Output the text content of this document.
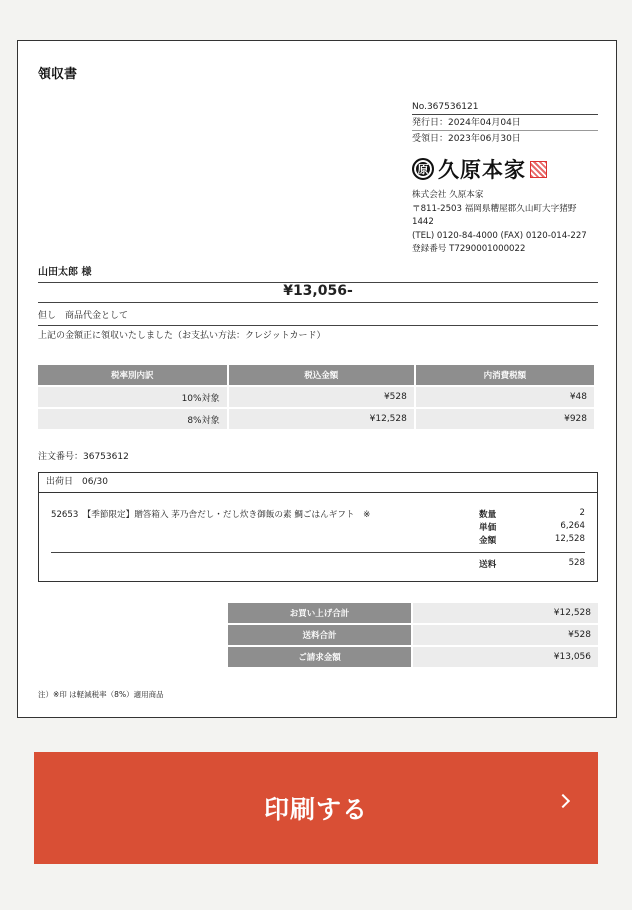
領収書
No.367536121
発行日：2024年04月04日
受領日：2023年06月30日
原 久原本家
株式会社 久原本家
〒811-2503 福岡県糟屋郡久山町大字猪野1442
(TEL) 0120-84-4000 (FAX) 0120-014-227
登録番号 T7290001000022
山田太郎 様
¥13,056-
但し　商品代金として
上記の金額正に領収いたしました（お支払い方法：クレジットカード）
税率別内訳	税込金額	内消費税額
10%対象	¥528	¥48
8%対象	¥12,528	¥928
注文番号：36753612
出荷日　06/30
52653　【季節限定】贈答箱入 茅乃舎だし・だし炊き御飯の素 鯛ごはんギフト　※	数量	2
単価	6,264
金額	12,528
送料	528
お買い上げ合計	¥12,528
送料合計	¥528
ご請求金額	¥13,056
注）※印 は軽減税率（8%）適用商品
印刷する
